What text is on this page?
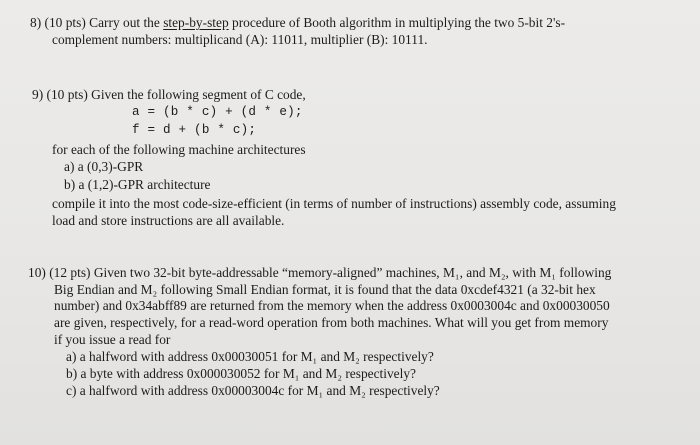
8) (10 pts) Carry out the step-by-step procedure of Booth algorithm in multiplying the two 5-bit 2's-
complement numbers: multiplicand (A): 11011, multiplier (B): 10111.
9) (10 pts) Given the following segment of C code,
a = (b * c) + (d * e);
f = d + (b * c);
for each of the following machine architectures
a) a (0,3)-GPR
b) a (1,2)-GPR architecture
compile it into the most code-size-efficient (in terms of number of instructions) assembly code, assuming
load and store instructions are all available.
10) (12 pts) Given two 32-bit byte-addressable “memory-aligned” machines, M₁, and M₂, with M₁ following
Big Endian and M₂ following Small Endian format, it is found that the data 0xcdef4321 (a 32-bit hex
number) and 0x34abff89 are returned from the memory when the address 0x0003004c and 0x00030050
are given, respectively, for a read-word operation from both machines. What will you get from memory
if you issue a read for
a) a halfword with address 0x00030051 for M₁ and M₂ respectively?
b) a byte with address 0x000030052 for M₁ and M₂ respectively?
c) a halfword with address 0x00003004c for M₁ and M₂ respectively?
